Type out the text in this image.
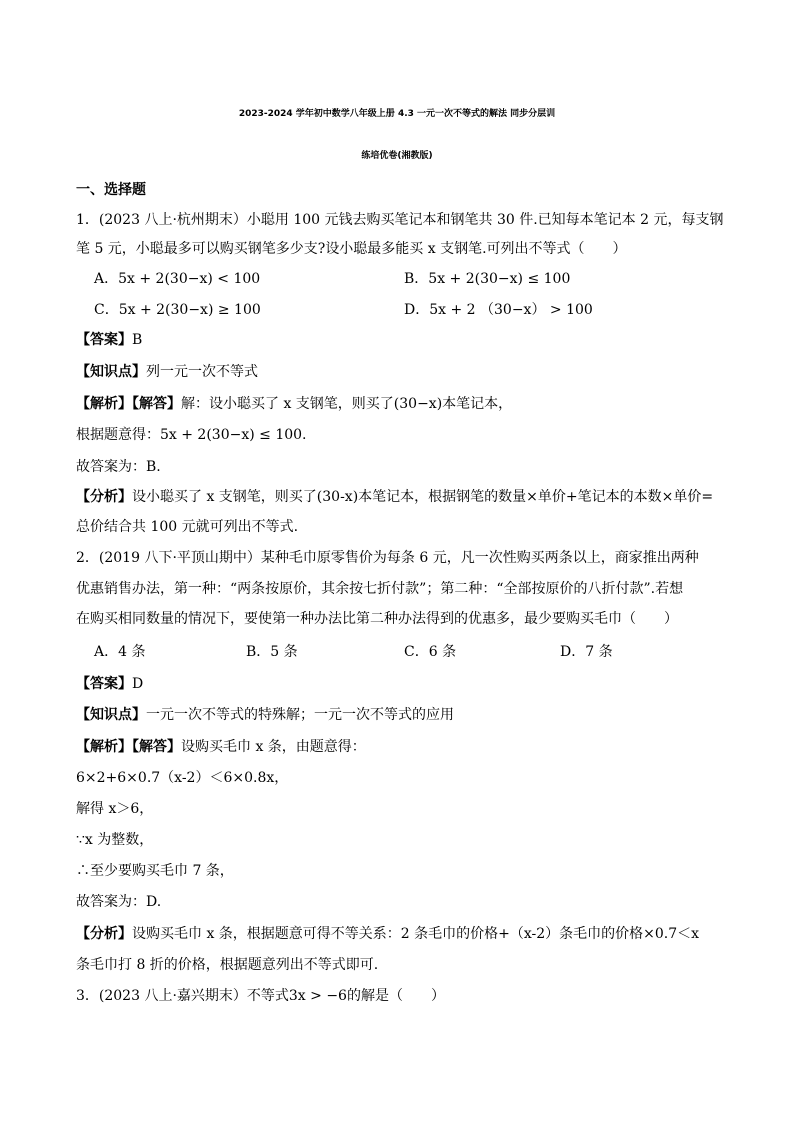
2023-2024 学年初中数学八年级上册 4.3 一元一次不等式的解法 同步分层训
练培优卷(湘教版)
一、选择题
1．(2023 八上·杭州期末）小聪用 100 元钱去购买笔记本和钢笔共 30 件.已知每本笔记本 2 元，每支钢
笔 5 元，小聪最多可以购买钢笔多少支?设小聪最多能买 x 支钢笔.可列出不等式（　　）
A．5x + 2(30−x) < 100	B．5x + 2(30−x) ≤ 100
C．5x + 2(30−x) ≥ 100	D．5x + 2 （30−x） > 100
【答案】B
【知识点】列一元一次不等式
【解析】【解答】解：设小聪买了 x 支钢笔，则买了(30−x)本笔记本，
根据题意得：5x + 2(30−x) ≤ 100.
故答案为：B.
【分析】设小聪买了 x 支钢笔，则买了(30-x)本笔记本，根据钢笔的数量×单价+笔记本的本数×单价=
总价结合共 100 元就可列出不等式.
2．(2019 八下·平顶山期中）某种毛巾原零售价为每条 6 元，凡一次性购买两条以上，商家推出两种
优惠销售办法，第一种：“两条按原价，其余按七折付款”；第二种：“全部按原价的八折付款”.若想
在购买相同数量的情况下，要使第一种办法比第二种办法得到的优惠多，最少要购买毛巾（　　）
A．4 条	B．5 条	C．6 条	D．7 条
【答案】D
【知识点】一元一次不等式的特殊解；一元一次不等式的应用
【解析】【解答】设购买毛巾 x 条，由题意得：
6×2+6×0.7（x-2）＜6×0.8x，
解得 x＞6，
∵x 为整数，
∴至少要购买毛巾 7 条，
故答案为：D.
【分析】设购买毛巾 x 条，根据题意可得不等关系：2 条毛巾的价格+（x-2）条毛巾的价格×0.7＜x
条毛巾打 8 折的价格，根据题意列出不等式即可.
3．(2023 八上·嘉兴期末）不等式3x > −6的解是（　　）
